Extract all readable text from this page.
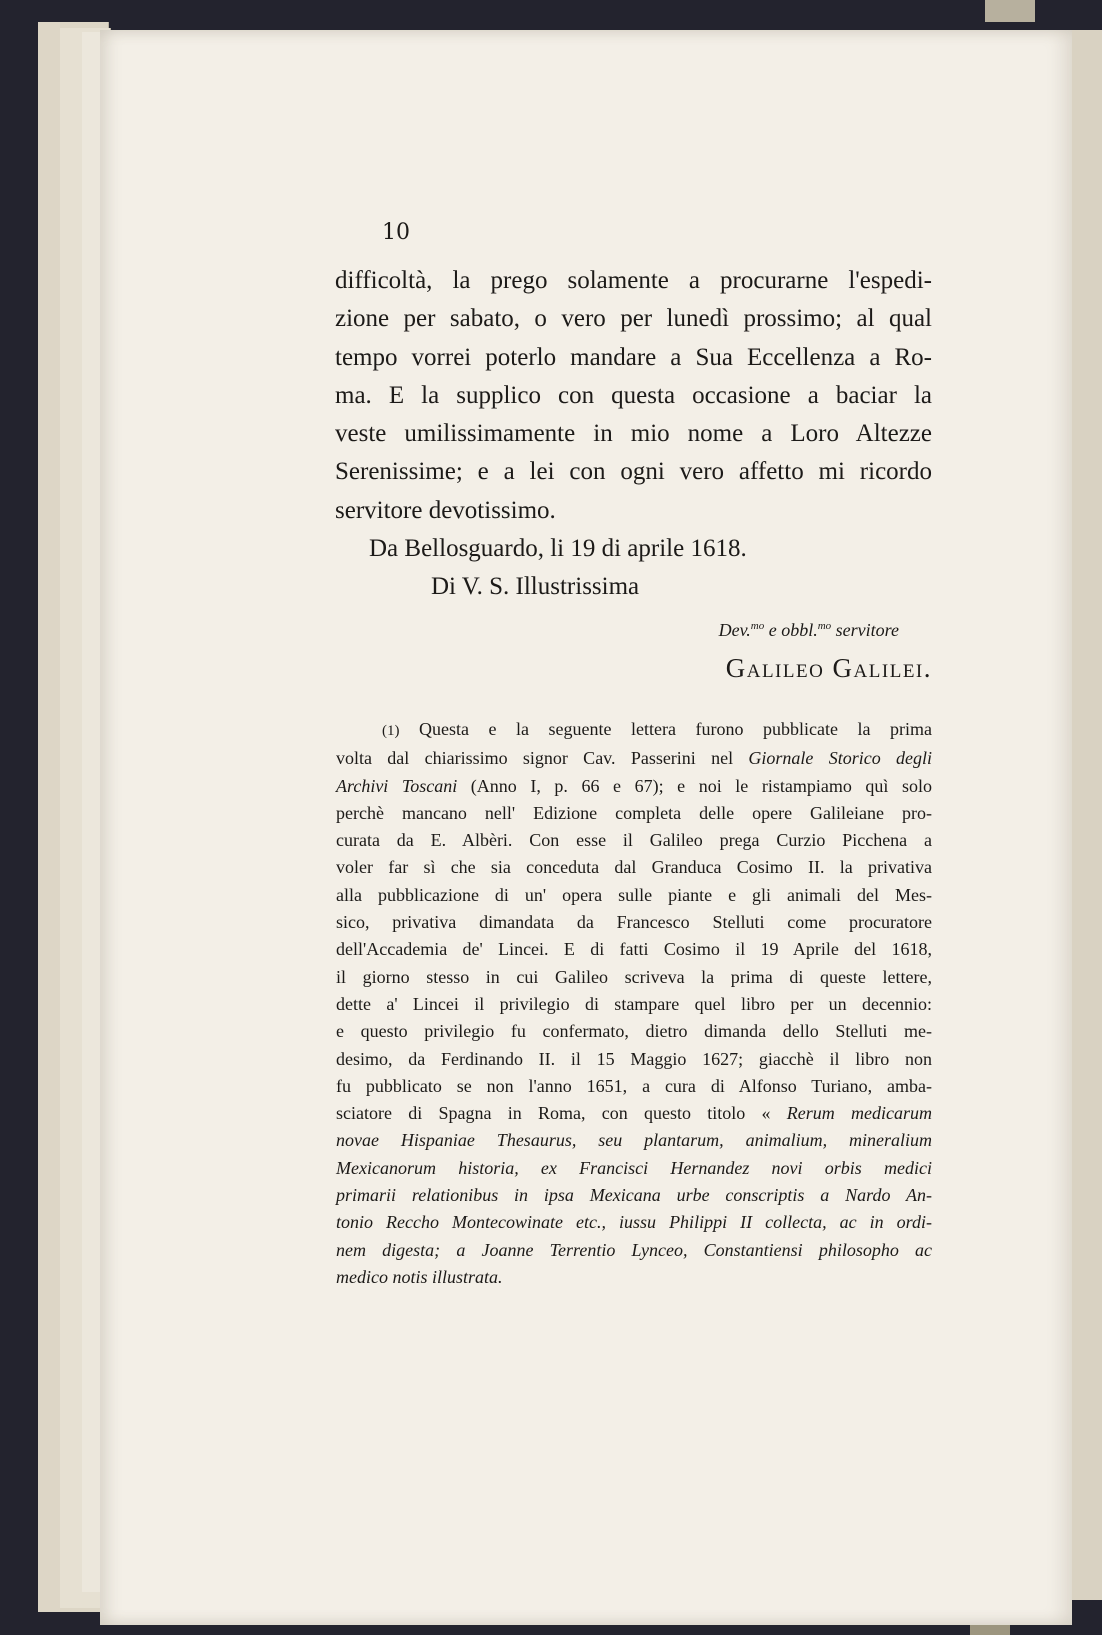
10
difficoltà, la prego solamente a procurarne l'espedi-
zione per sabato, o vero per lunedì prossimo; al qual
tempo vorrei poterlo mandare a Sua Eccellenza a Ro-
ma. E la supplico con questa occasione a baciar la
veste umilissimamente in mio nome a Loro Altezze
Serenissime; e a lei con ogni vero affetto mi ricordo
servitore devotissimo.
Da Bellosguardo, li 19 di aprile 1618.
Di V. S. Illustrissima
Dev.$^{mo}$ e obbl.$^{mo}$ servitore
Galileo Galilei.
(1) Questa e la seguente lettera furono pubblicate la prima
volta dal chiarissimo signor Cav. Passerini nel Giornale Storico degli
Archivi Toscani (Anno I, p. 66 e 67); e noi le ristampiamo quì solo
perchè mancano nell' Edizione completa delle opere Galileiane pro-
curata da E. Albèri. Con esse il Galileo prega Curzio Picchena a
voler far sì che sia conceduta dal Granduca Cosimo II. la privativa
alla pubblicazione di un' opera sulle piante e gli animali del Mes-
sico, privativa dimandata da Francesco Stelluti come procuratore
dell'Accademia de' Lincei. E di fatti Cosimo il 19 Aprile del 1618,
il giorno stesso in cui Galileo scriveva la prima di queste lettere,
dette a' Lincei il privilegio di stampare quel libro per un decennio:
e questo privilegio fu confermato, dietro dimanda dello Stelluti me-
desimo, da Ferdinando II. il 15 Maggio 1627; giacchè il libro non
fu pubblicato se non l'anno 1651, a cura di Alfonso Turiano, amba-
sciatore di Spagna in Roma, con questo titolo « Rerum medicarum
novae Hispaniae Thesaurus, seu plantarum, animalium, mineralium
Mexicanorum historia, ex Francisci Hernandez novi orbis medici
primarii relationibus in ipsa Mexicana urbe conscriptis a Nardo An-
tonio Reccho Montecowinate etc., iussu Philippi II collecta, ac in ordi-
nem digesta; a Joanne Terrentio Lynceo, Constantiensi philosopho ac
medico notis illustrata.
